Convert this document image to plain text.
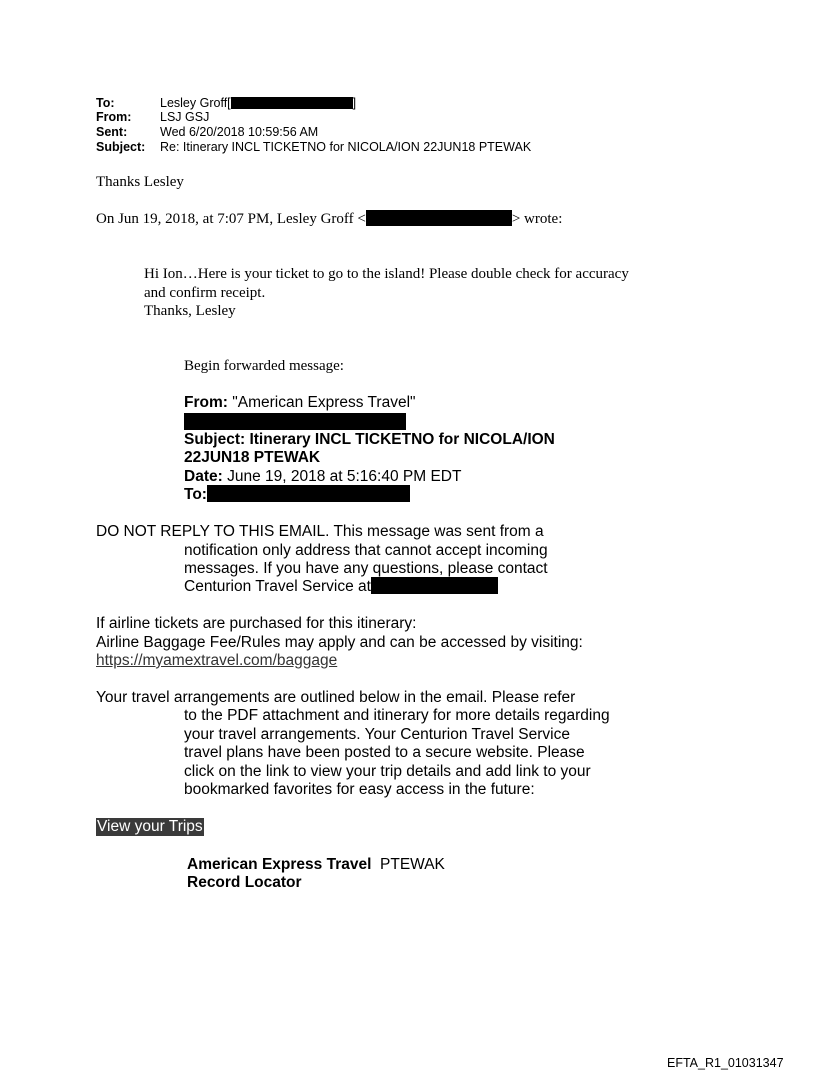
To:	Lesley Groff[	]
From: LSJ GSJ
Sent:	Wed 6/20/2018 10:59:56 AM
Subject: Re: Itinerary INCL TICKETNO for NICOLA/ION 22JUN18 PTEWAK
Thanks Lesley
On Jun 19, 2018, at 7:07 PM, Lesley Groff <	> wrote:
Hi Ion…Here is your ticket to go to the island! Please double check for accuracy
and confirm receipt.
Thanks, Lesley
Begin forwarded message:
From: "American Express Travel"
Subject: Itinerary INCL TICKETNO for NICOLA/ION
22JUN18 PTEWAK
Date: June 19, 2018 at 5:16:40 PM EDT
To:
DO NOT REPLY TO THIS EMAIL. This message was sent from a
notification only address that cannot accept incoming
messages. If you have any questions, please contact
Centurion Travel Service at
If airline tickets are purchased for this itinerary:
Airline Baggage Fee/Rules may apply and can be accessed by visiting:
https://myamextravel.com/baggage
Your travel arrangements are outlined below in the email. Please refer
to the PDF attachment and itinerary for more details regarding
your travel arrangements. Your Centurion Travel Service
travel plans have been posted to a secure website. Please
click on the link to view your trip details and add link to your
bookmarked favorites for easy access in the future:
View your Trips
American Express Travel PTEWAK
Record Locator
EFTA_R1_01031347
